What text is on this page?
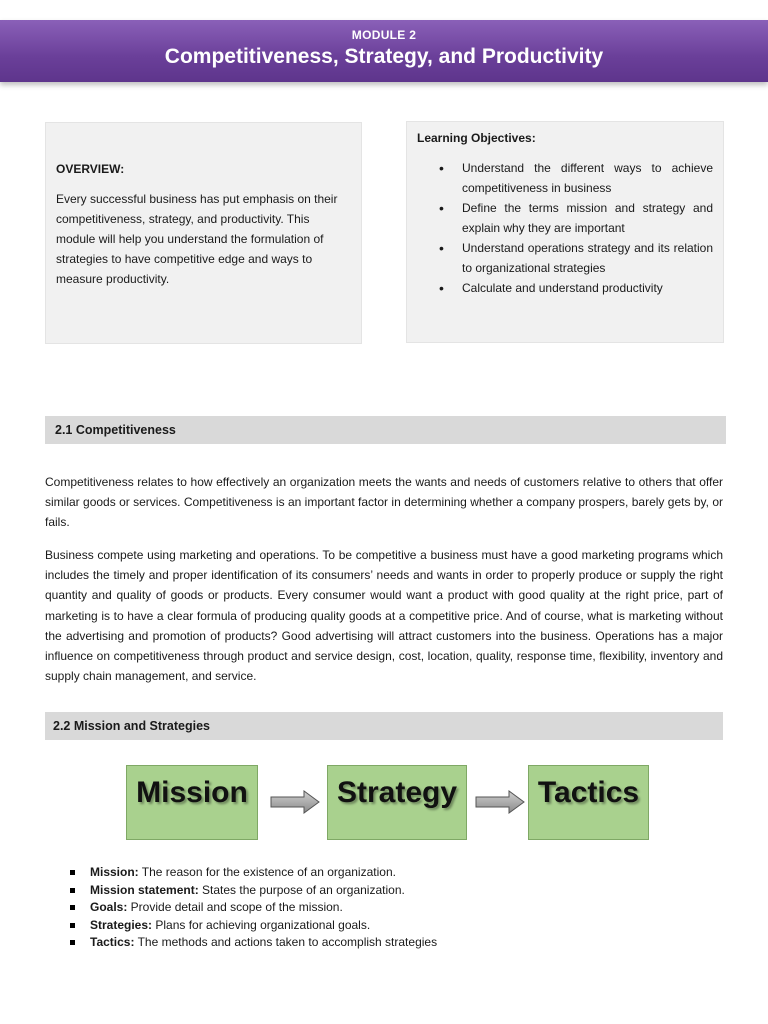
MODULE 2
Competitiveness, Strategy, and Productivity
OVERVIEW:
Every successful business has put emphasis on their competitiveness, strategy, and productivity. This module will help you understand the formulation of strategies to have competitive edge and ways to measure productivity.
Learning Objectives:
• Understand the different ways to achieve competitiveness in business
• Define the terms mission and strategy and explain why they are important
• Understand operations strategy and its relation to organizational strategies
• Calculate and understand productivity
2.1 Competitiveness

Competitiveness relates to how effectively an organization meets the wants and needs of customers relative to others that offer similar goods or services. Competitiveness is an important factor in determining whether a company prospers, barely gets by, or fails.

Business compete using marketing and operations. To be competitive a business must have a good marketing programs which includes the timely and proper identification of its consumers’ needs and wants in order to properly produce or supply the right quantity and quality of goods or products. Every consumer would want a product with good quality at the right price, part of marketing is to have a clear formula of producing quality goods at a competitive price. And of course, what is marketing without the advertising and promotion of products? Good advertising will attract customers into the business. Operations has a major influence on competitiveness through product and service design, cost, location, quality, response time, flexibility, inventory and supply chain management, and service.

2.2 Mission and Strategies
Mission	Strategy	Tactics
Mission: The reason for the existence of an organization.
Mission statement: States the purpose of an organization.
Goals: Provide detail and scope of the mission.
Strategies: Plans for achieving organizational goals.
Tactics: The methods and actions taken to accomplish strategies
